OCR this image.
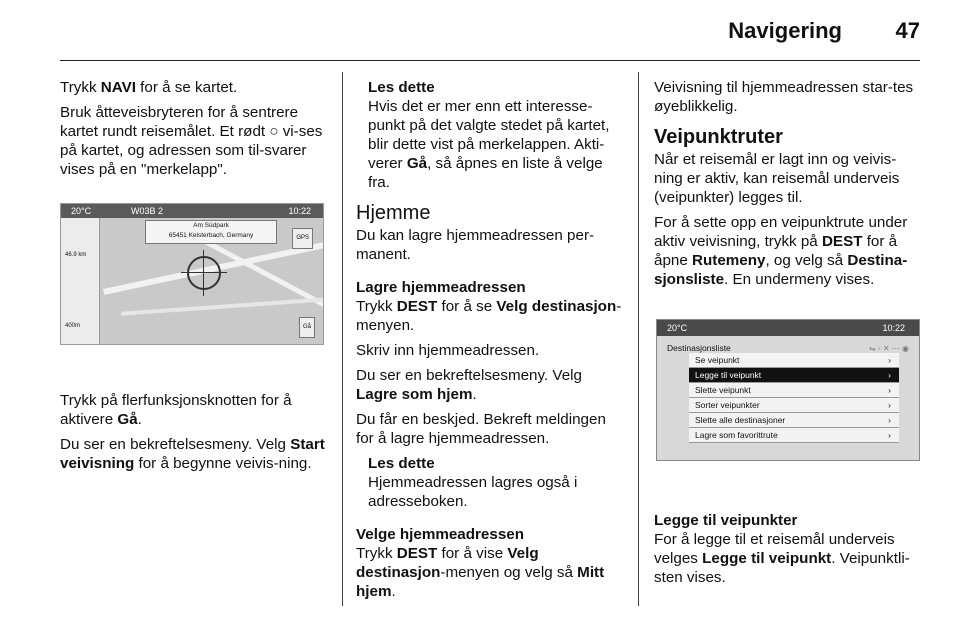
Navigering 47

Trykk NAVI for å se kartet.

Bruk åtteveisbryteren for å sentrere kartet rundt reisemålet. Et rødt ○ vi-ses på kartet, og adressen som til-svarer vises på en "merkelapp".

20°C	W03B 2	10:22
46.9 km
400m
Am Südpark
65451 Kelsterbach, Germany	GPS
Gå

Trykk på flerfunksjonsknotten for å aktivere Gå.

Du ser en bekreftelsesmeny. Velg Start veivisning for å begynne veivis-ning.

Les dette

Hvis det er mer enn ett interesse-punkt på det valgte stedet på kartet, blir dette vist på merkelappen. Akti-verer Gå, så åpnes en liste å velge fra.

Hjemme

Du kan lagre hjemmeadressen per-manent.

Lagre hjemmeadressen

Trykk DEST for å se Velg destinasjon-menyen.

Skriv inn hjemmeadressen.

Du ser en bekreftelsesmeny. Velg Lagre som hjem.

Du får en beskjed. Bekreft meldingen for å lagre hjemmeadressen.

Les dette

Hjemmeadressen lagres også i adresseboken.

Velge hjemmeadressen

Trykk DEST for å vise Velg destinasjon-menyen og velg så Mitt hjem.

Veivisning til hjemmeadressen star-tes øyeblikkelig.

Veipunktruter

Når et reisemål er lagt inn og veivis-ning er aktiv, kan reisemål underveis (veipunkter) legges til.

For å sette opp en veipunktrute under aktiv veivisning, trykk på DEST for å åpne Rutemeny, og velg så Destina-sjonsliste. En undermeny vises.

20°C	10:22
Destinasjonsliste	⇋ ◦ ✕ ⋯ ◉
Se veipunkt	›
Legge til veipunkt	›
Slette veipunkt	›
Sorter veipunkter	›
Slette alle destinasjoner	›
Lagre som favorittrute	›

Legge til veipunkter

For å legge til et reisemål underveis velges Legge til veipunkt. Veipunktli-sten vises.
